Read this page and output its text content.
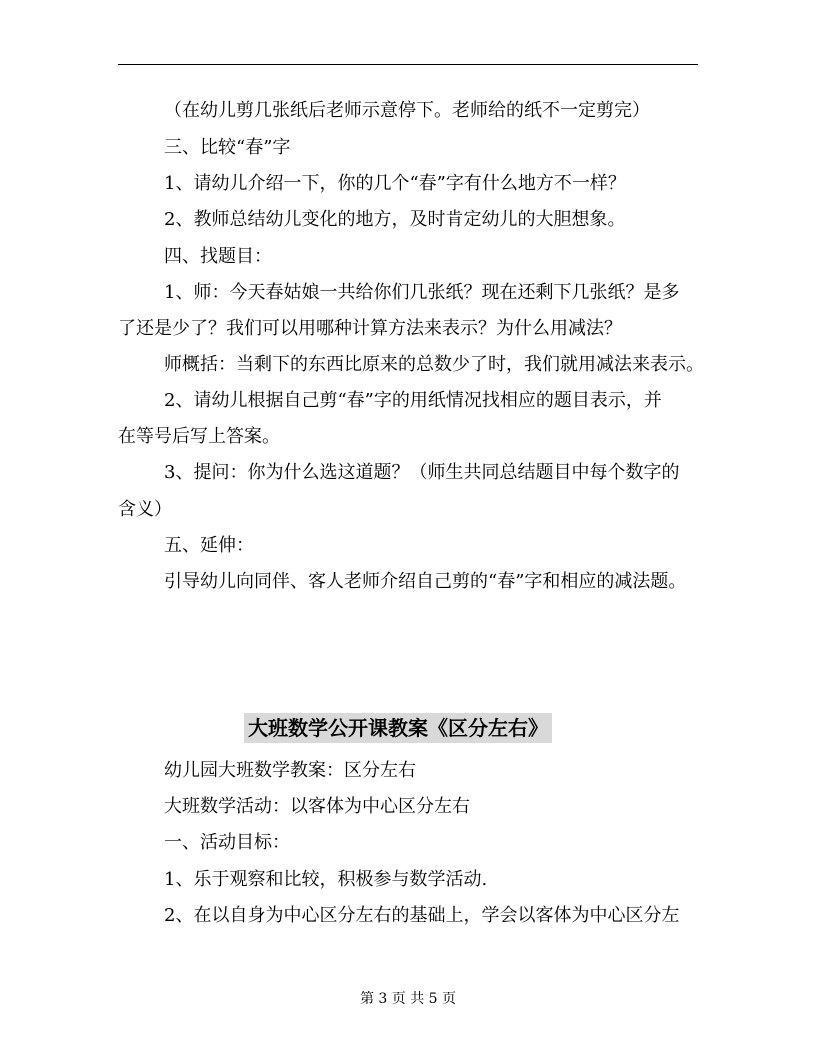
（在幼儿剪几张纸后老师示意停下。老师给的纸不一定剪完）
三、比较“春”字
1、请幼儿介绍一下，你的几个“春”字有什么地方不一样？
2、教师总结幼儿变化的地方，及时肯定幼儿的大胆想象。
四、找题目：
1、师：今天春姑娘一共给你们几张纸？现在还剩下几张纸？是多
了还是少了？我们可以用哪种计算方法来表示？为什么用减法？
师概括：当剩下的东西比原来的总数少了时，我们就用减法来表示。
2、请幼儿根据自己剪“春”字的用纸情况找相应的题目表示，并
在等号后写上答案。
3、提问：你为什么选这道题？（师生共同总结题目中每个数字的
含义）
五、延伸：
引导幼儿向同伴、客人老师介绍自己剪的“春”字和相应的减法题。
大班数学公开课教案《区分左右》
幼儿园大班数学教案：区分左右
大班数学活动：以客体为中心区分左右
一、活动目标：
1、乐于观察和比较，积极参与数学活动.
2、在以自身为中心区分左右的基础上，学会以客体为中心区分左
第 3 页 共 5 页
